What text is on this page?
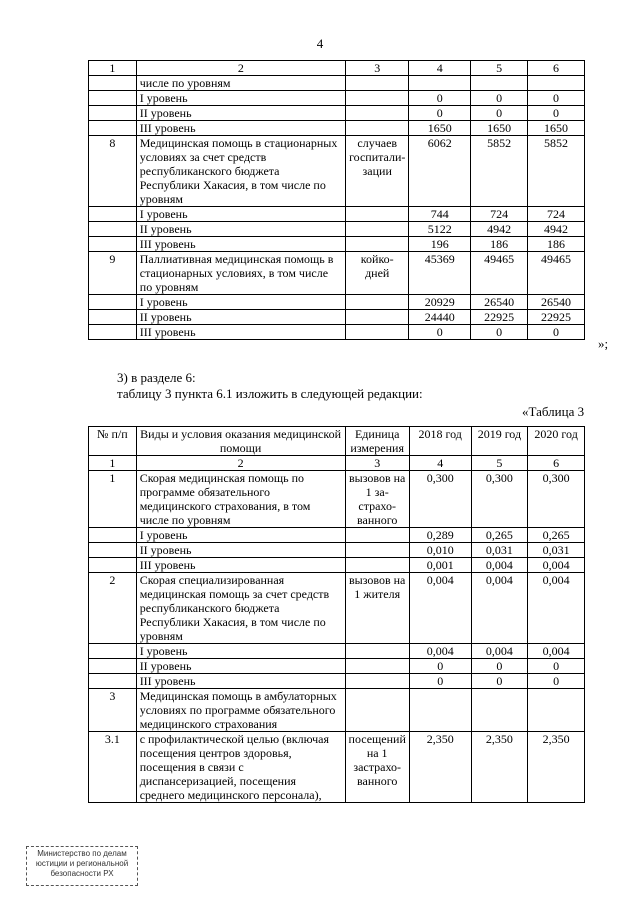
4
1	2	3	4	5	6
	числе по уровням				
	I уровень		0	0	0
	II уровень		0	0	0
	III уровень		1650	1650	1650
8	Медицинская помощь в стационарных условиях за счет средств республиканского бюджета Республики Хакасия, в том числе по уровням	случаев госпитали-зации	6062	5852	5852
	I уровень		744	724	724
	II уровень		5122	4942	4942
	III уровень		196	186	186
9	Паллиативная медицинская помощь в стационарных условиях, в том числе по уровням	койко-дней	45369	49465	49465
	I уровень		20929	26540	26540
	II уровень		24440	22925	22925
	III уровень		0	0	0
»;
3) в разделе 6:
таблицу 3 пункта 6.1 изложить в следующей редакции:
«Таблица 3
№ п/п	Виды и условия оказания медицинской помощи	Единица измерения	2018 год	2019 год	2020 год
1	2	3	4	5	6
1	Скорая медицинская помощь по программе обязательного медицинского страхования, в том числе по уровням	вызовов на 1 за-страхо-ванного	0,300	0,300	0,300
	I уровень		0,289	0,265	0,265
	II уровень		0,010	0,031	0,031
	III уровень		0,001	0,004	0,004
2	Скорая специализированная медицинская помощь за счет средств республиканского бюджета Республики Хакасия, в том числе по уровням	вызовов на 1 жителя	0,004	0,004	0,004
	I уровень		0,004	0,004	0,004
	II уровень		0	0	0
	III уровень		0	0	0
3	Медицинская помощь в амбулаторных условиях по программе обязательного медицинского страхования				
3.1	с профилактической целью (включая посещения центров здоровья, посещения в связи с диспансеризацией, посещения среднего медицинского персонала),	посещений на 1 застрахо-ванного	2,350	2,350	2,350
Министерство по делам юстиции и региональной безопасности РХ
